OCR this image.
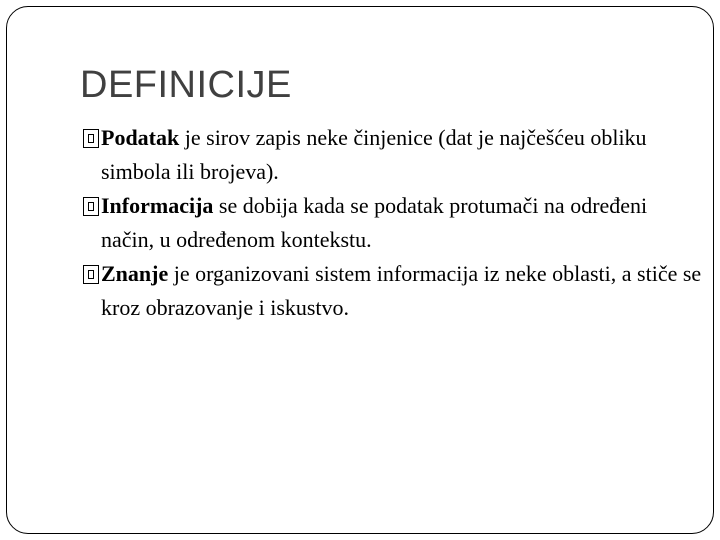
DEFINICIJE
Podatak je sirov zapis neke činjenice (dat je najčešćeu obliku simbola ili brojeva).
Informacija se dobija kada se podatak protumači na određeni način, u određenom kontekstu.
Znanje je organizovani sistem informacija iz neke oblasti, a stiče se kroz obrazovanje i iskustvo.
